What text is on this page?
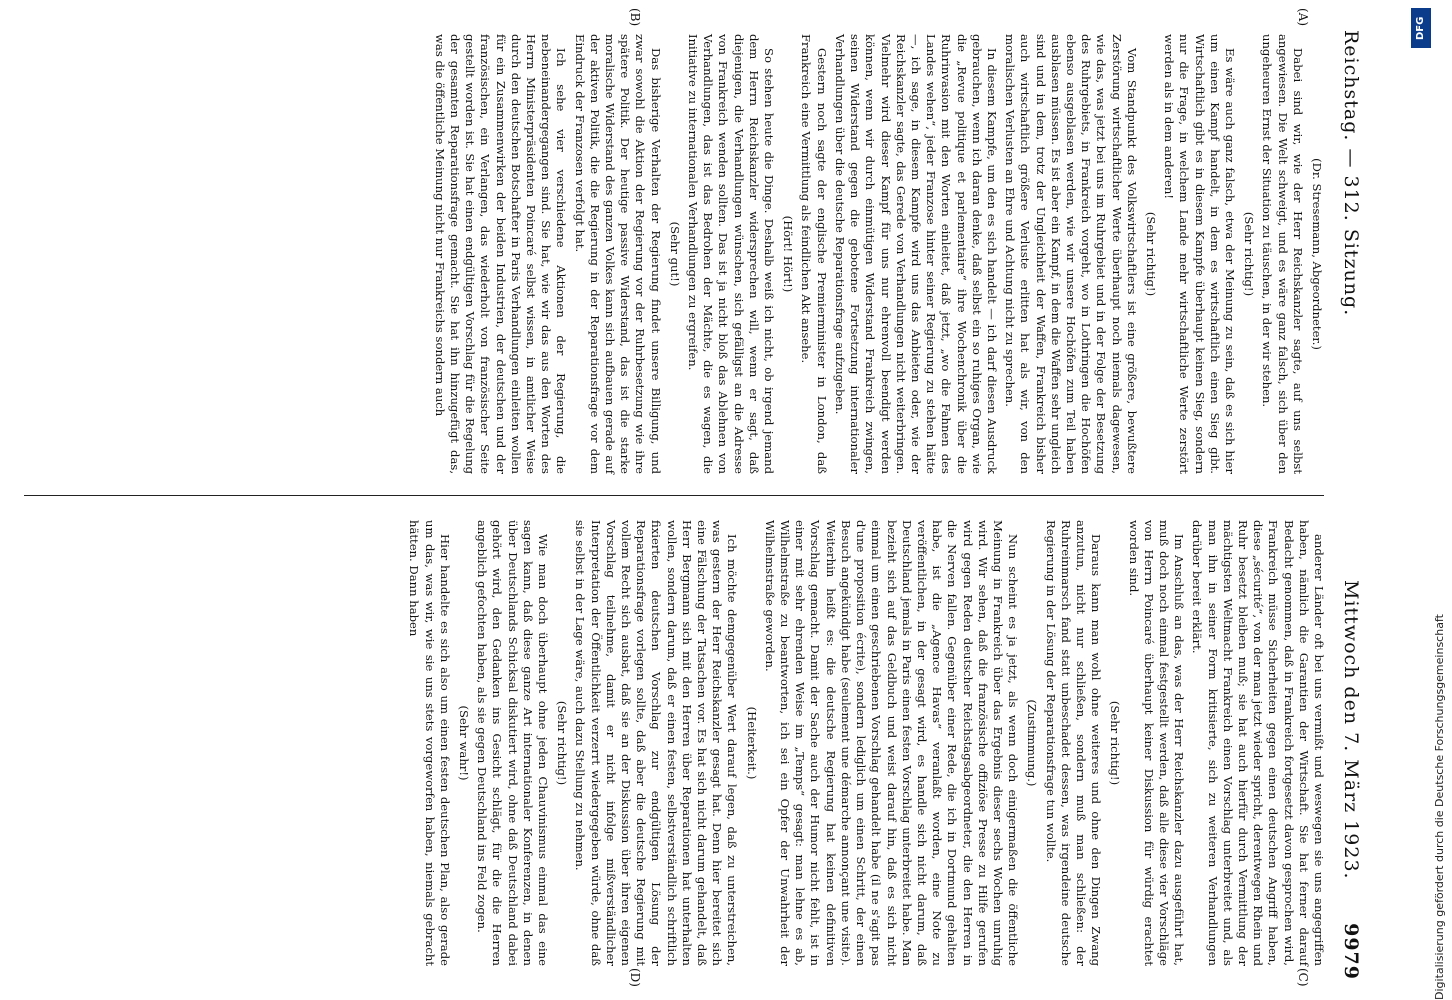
Reichstag. — 312. Sitzung.
Mittwoch den 7. März 1923.
9979

(Dr. Stresemann, Abgeordneter.)

Dabei sind wir, wie der Herr Reichskanzler sagte, auf uns selbst angewiesen. Die Welt schweigt, und es wäre ganz falsch, sich über den ungeheuren Ernst der Situation zu täuschen, in der wir stehen.

(Sehr richtig!)

Es wäre auch ganz falsch, etwa der Meinung zu sein, daß es sich hier um einen Kampf handelt, in dem es wirtschaftlich einen Sieg gibt. Wirtschaftlich gibt es in diesem Kampfe überhaupt keinen Sieg, sondern nur die Frage, in welchem Lande mehr wirtschaftliche Werte zerstört werden als in dem anderen!

(Sehr richtig!)

Vom Standpunkt des Volkswirtschaftlers ist eine größere, bewußtere Zerstörung wirtschaftlicher Werte überhaupt noch niemals dagewesen, wie das, was jetzt bei uns im Ruhrgebiet und in der Folge der Besetzung des Ruhrgebiets, in Frankreich vorgeht, wo in Lothringen die Hochöfen ebenso ausgeblasen werden, wie wir unsere Hochöfen zum Teil haben ausblasen müssen. Es ist aber ein Kampf, in dem die Waffen sehr ungleich sind und in dem, trotz der Ungleichheit der Waffen, Frankreich bisher auch wirtschaftlich größere Verluste erlitten hat als wir, von den moralischen Verlusten an Ehre und Achtung nicht zu sprechen.

In diesem Kampfe, um den es sich handelt — ich darf diesen Ausdruck gebrauchen, wenn ich daran denke, daß selbst ein so ruhiges Organ, wie die „Revue politique et parlementaire“ ihre Wochenchronik über die Ruhrinvasion mit den Worten einleitet, daß jetzt, „wo die Fahnen des Landes wehen“, jeder Franzose hinter seiner Regierung zu stehen hätte —, ich sage, in diesem Kampfe wird uns das Anbieten oder, wie der Reichskanzler sagte, das Gerede von Verhandlungen nicht weiterbringen. Vielmehr wird dieser Kampf für uns nur ehrenvoll beendigt werden können, wenn wir durch einmütigen Widerstand Frankreich zwingen, seinen Widerstand gegen die gebotene Fortsetzung internationaler Verhandlungen über die deutsche Reparationsfrage aufzugeben.

Gestern noch sagte der englische Premierminister in London, daß Frankreich eine Vermittlung als feindlichen Akt ansehe.

(Hört! Hört!)

So stehen heute die Dinge. Deshalb weiß ich nicht, ob irgend jemand dem Herrn Reichskanzler widersprechen will, wenn er sagt, daß diejenigen, die Verhandlungen wünschen, sich gefälligst an die Adresse von Frankreich wenden sollten. Das ist ja nicht bloß das Ablehnen von Verhandlungen, das ist das Bedrohen der Mächte, die es wagen, die Initiative zu internationalen Verhandlungen zu ergreifen.

(Sehr gut!)

Das bisherige Verhalten der Regierung findet unsere Billigung, und zwar sowohl die Aktion der Regierung vor der Ruhrbesetzung wie ihre spätere Politik. Der heutige passive Widerstand, das ist die starke moralische Widerstand des ganzen Volkes kann sich aufbauen gerade auf der aktiven Politik, die die Regierung in der Reparationsfrage vor dem Eindruck der Franzosen verfolgt hat.

Ich sehe vier verschiedene Aktionen der Regierung, die nebeneinandergegangen sind. Sie hat, wie wir das aus den Worten des Herrn Ministerpräsidenten Poincaré selbst wissen, in amtlicher Weise durch den deutschen Botschafter in Paris Verhandlungen einleiten wollen für ein Zusammenwirken der beiden Industrien, der deutschen und der französischen, ein Verlangen, das wiederholt von französischer Seite gestellt worden ist. Sie hat einen endgültigen Vorschlag für die Regelung der gesamten Reparationsfrage gemacht. Sie hat ihn hinzugefügt das, was die öffentliche Meinung nicht nur Frankreichs sondern auch

anderer Länder oft bei uns vermißt und weswegen sie uns angegriffen haben, nämlich die Garantien der Wirtschaft. Sie hat ferner darauf Bedacht genommen, daß in Frankreich fortgesetzt davon gesprochen wird, Frankreich müsse Sicherheiten gegen einen deutschen Angriff haben, diese „sécurité“, von der man jetzt wieder spricht, derentwegen Rhein und Ruhr besetzt bleiben muß; sie hat auch hierfür durch Vermittlung der mächtigsten Weltmacht Frankreich einen Vorschlag unterbreitet und, als man ihn in seiner Form kritisierte, sich zu weiteren Verhandlungen darüber bereit erklärt.

Im Anschluß an das, was der Herr Reichskanzler dazu ausgeführt hat, muß doch noch einmal festgestellt werden, daß alle diese vier Vorschläge von Herrn Poincaré überhaupt keiner Diskussion für würdig erachtet worden sind.

(Sehr richtig!)

Daraus kann man wohl ohne weiteres und ohne den Dingen Zwang anzutun, nicht nur schließen, sondern muß man schließen: der Ruhreinmarsch fand statt unbeschadet dessen, was irgendeine deutsche Regierung in der Lösung der Reparationsfrage tun wollte.

(Zustimmung.)

Nun scheint es ja jetzt, als wenn doch einigermaßen die öffentliche Meinung in Frankreich über das Ergebnis dieser sechs Wochen unruhig wird. Wir sehen, daß die französische offiziöse Presse zu Hilfe gerufen wird gegen Reden deutscher Reichstagsabgeordneter, die den Herren in die Nerven fallen. Gegenüber einer Rede, die ich in Dortmund gehalten habe, ist die „Agence Havas“ veranlaßt worden, eine Note zu veröffentlichen, in der gesagt wird, es handle sich nicht darum, daß Deutschland jemals in Paris einen festen Vorschlag unterbreitet habe. Man bezieht sich auf das Geldbuch und weist darauf hin, daß es sich nicht einmal um einen geschriebenen Vorschlag gehandelt habe (il ne s'agit pas d'une proposition écrite), sondern lediglich um einen Schritt, der einen Besuch angekündigt habe (seulement une démarche annonçant une visite). Weiterhin heißt es: die deutsche Regierung hat keinen definitiven Vorschlag gemacht. Damit der Sache auch der Humor nicht fehlt, ist in einer mit sehr ehrenden Weise im „Temps“ gesagt: man lehne es ab, Wilhelmstraße zu beantworten, ich sei ein Opfer der Unwahrheit der Wilhelmstraße geworden.

(Heiterkeit.)

Ich möchte demgegenüber Wert darauf legen, daß zu unterstreichen, was gestern der Herr Reichskanzler gesagt hat. Denn hier bereitet sich eine Fälschung der Tatsachen vor. Es hat sich nicht darum gehandelt, daß Herr Bergmann sich mit den Herren über Reparationen hat unterhalten wollen, sondern darum, daß er einen festen, selbstverständlich schriftlich fixierten deutschen Vorschlag zur endgültigen Lösung der Reparationsfrage vorlegen sollte, daß aber die deutsche Regierung mit vollem Recht sich ausbat, daß sie an der Diskussion über ihren eigenen Vorschlag teilnehme, damit er nicht infolge mißverständlicher Interpretation der Öffentlichkeit verzerrt wiedergegeben würde, ohne daß sie selbst in der Lage wäre, auch dazu Stellung zu nehmen.

(Sehr richtig!)

Wie man doch überhaupt ohne jeden Chauvinismus einmal das eine sagen kann, daß diese ganze Art internationaler Konferenzen, in denen über Deutschlands Schicksal diskutiert wird, ohne daß Deutschland dabei gehört wird, den Gedanken ins Gesicht schlägt, für die die Herren angeblich gefochten haben, als sie gegen Deutschland ins Feld zogen.

(Sehr wahr!)

Hier handelte es sich also um einen festen deutschen Plan, also gerade um das, was wir, wie sie uns stets vorgeworfen haben, niemals gebracht hätten. Dann haben

(A)
(B)
(C)
(D)	Digitalisierung gefördert durch die Deutsche Forschungsgemeinschaft
DFG
